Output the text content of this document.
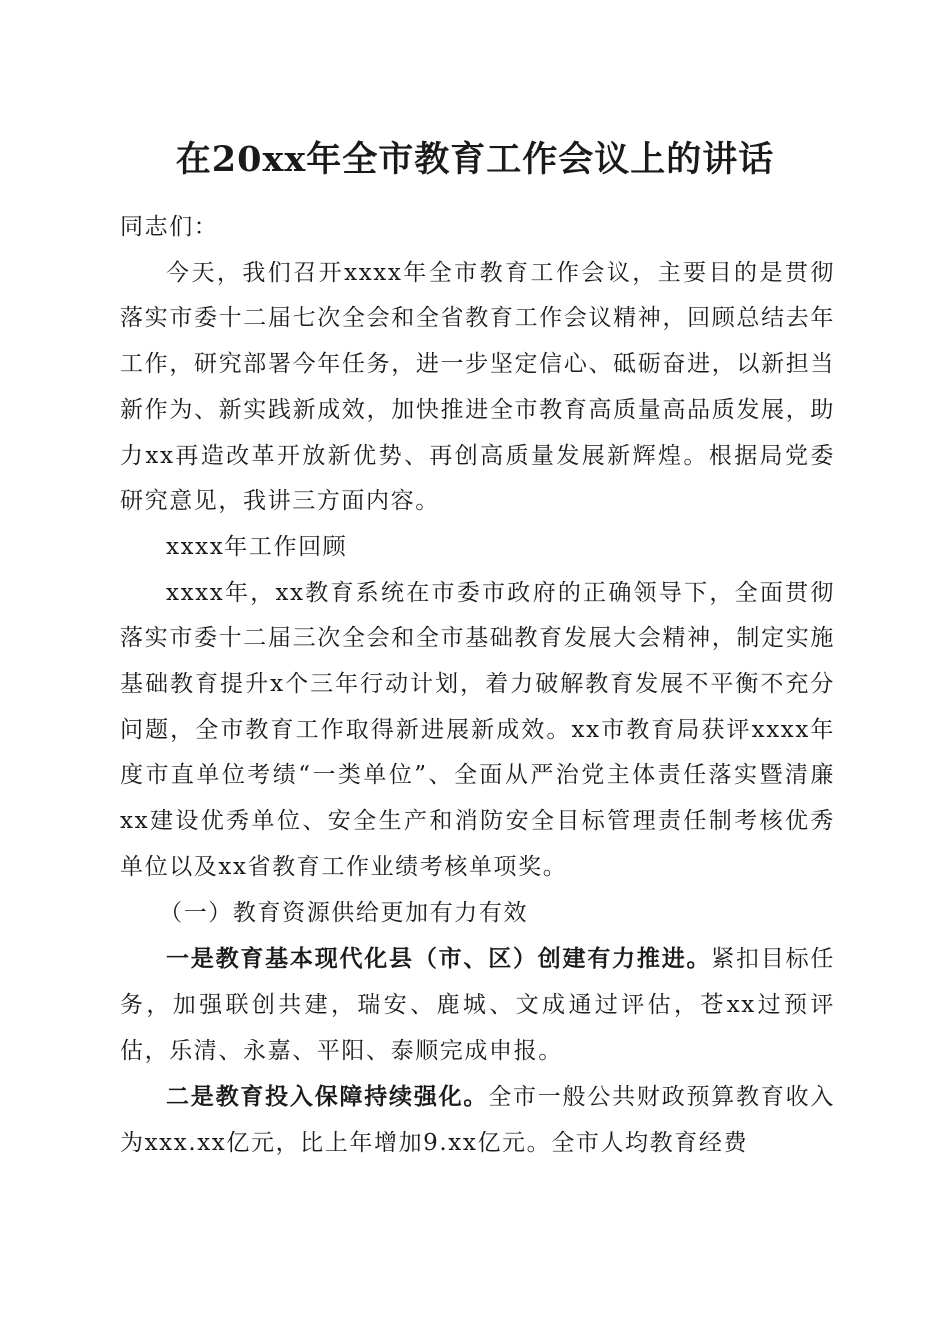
在20xx年全市教育工作会议上的讲话

同志们：

今天，我们召开xxxx年全市教育工作会议，主要目的是贯彻落实市委十二届七次全会和全省教育工作会议精神，回顾总结去年工作，研究部署今年任务，进一步坚定信心、砥砺奋进，以新担当新作为、新实践新成效，加快推进全市教育高质量高品质发展，助力xx再造改革开放新优势、再创高质量发展新辉煌。根据局党委研究意见，我讲三方面内容。

xxxx年工作回顾

xxxx年，xx教育系统在市委市政府的正确领导下，全面贯彻落实市委十二届三次全会和全市基础教育发展大会精神，制定实施基础教育提升x个三年行动计划，着力破解教育发展不平衡不充分问题，全市教育工作取得新进展新成效。xx市教育局获评xxxx年度市直单位考绩“一类单位”、全面从严治党主体责任落实暨清廉xx建设优秀单位、安全生产和消防安全目标管理责任制考核优秀单位以及xx省教育工作业绩考核单项奖。

（一）教育资源供给更加有力有效

一是教育基本现代化县（市、区）创建有力推进。紧扣目标任务，加强联创共建，瑞安、鹿城、文成通过评估，苍xx过预评估，乐清、永嘉、平阳、泰顺完成申报。

二是教育投入保障持续强化。全市一般公共财政预算教育收入为xxx.xx亿元，比上年增加9.xx亿元。全市人均教育经费
